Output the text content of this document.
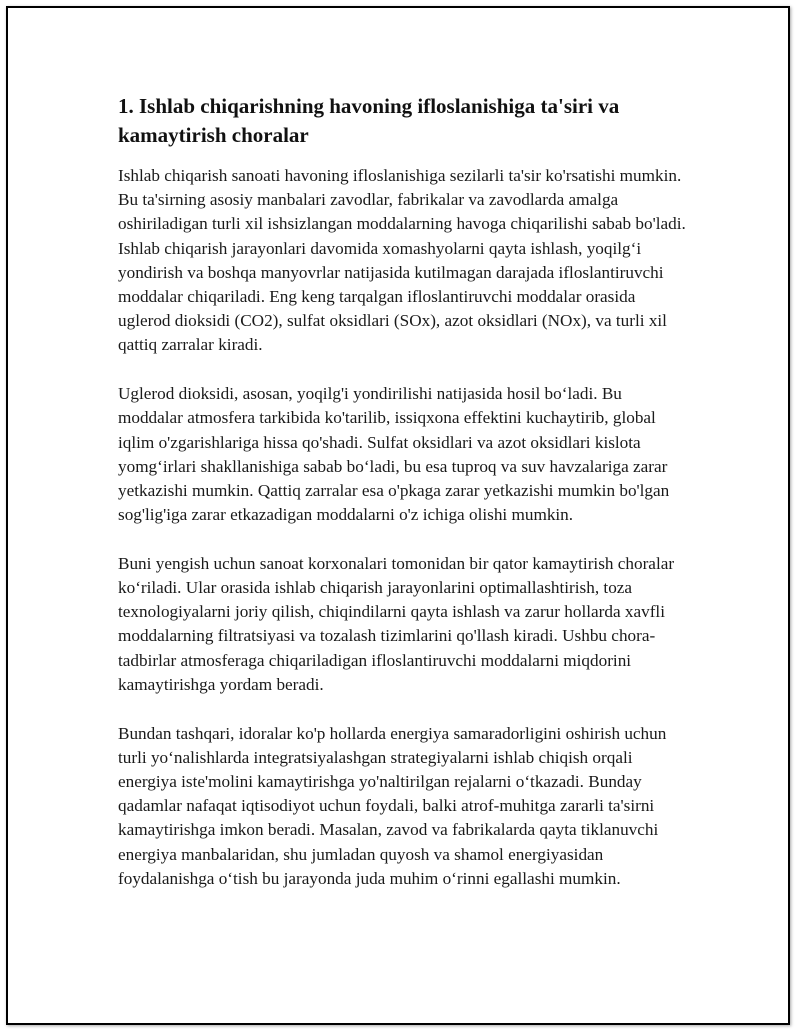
1. Ishlab chiqarishning havoning ifloslanishiga ta'siri va kamaytirish choralar

Ishlab chiqarish sanoati havoning ifloslanishiga sezilarli ta'sir ko'rsatishi mumkin. Bu ta'sirning asosiy manbalari zavodlar, fabrikalar va zavodlarda amalga oshiriladigan turli xil ishsizlangan moddalarning havoga chiqarilishi sabab bo'ladi. Ishlab chiqarish jarayonlari davomida xomashyolarni qayta ishlash, yoqilg‘i yondirish va boshqa manyovrlar natijasida kutilmagan darajada ifloslantiruvchi moddalar chiqariladi. Eng keng tarqalgan ifloslantiruvchi moddalar orasida uglerod dioksidi (CO2), sulfat oksidlari (SOx), azot oksidlari (NOx), va turli xil qattiq zarralar kiradi.

Uglerod dioksidi, asosan, yoqilg'i yondirilishi natijasida hosil bo‘ladi. Bu moddalar atmosfera tarkibida ko'tarilib, issiqxona effektini kuchaytirib, global iqlim o'zgarishlariga hissa qo'shadi. Sulfat oksidlari va azot oksidlari kislota yomg‘irlari shakllanishiga sabab bo‘ladi, bu esa tuproq va suv havzalariga zarar yetkazishi mumkin. Qattiq zarralar esa o'pkaga zarar yetkazishi mumkin bo'lgan sog'lig'iga zarar etkazadigan moddalarni o'z ichiga olishi mumkin.

Buni yengish uchun sanoat korxonalari tomonidan bir qator kamaytirish choralar ko‘riladi. Ular orasida ishlab chiqarish jarayonlarini optimallashtirish, toza texnologiyalarni joriy qilish, chiqindilarni qayta ishlash va zarur hollarda xavfli moddalarning filtratsiyasi va tozalash tizimlarini qo'llash kiradi. Ushbu chora-tadbirlar atmosferaga chiqariladigan ifloslantiruvchi moddalarni miqdorini kamaytirishga yordam beradi.

Bundan tashqari, idoralar ko'p hollarda energiya samaradorligini oshirish uchun turli yo‘nalishlarda integratsiyalashgan strategiyalarni ishlab chiqish orqali energiya iste'molini kamaytirishga yo'naltirilgan rejalarni o‘tkazadi. Bunday qadamlar nafaqat iqtisodiyot uchun foydali, balki atrof-muhitga zararli ta'sirni kamaytirishga imkon beradi. Masalan, zavod va fabrikalarda qayta tiklanuvchi energiya manbalaridan, shu jumladan quyosh va shamol energiyasidan foydalanishga o‘tish bu jarayonda juda muhim o‘rinni egallashi mumkin.
